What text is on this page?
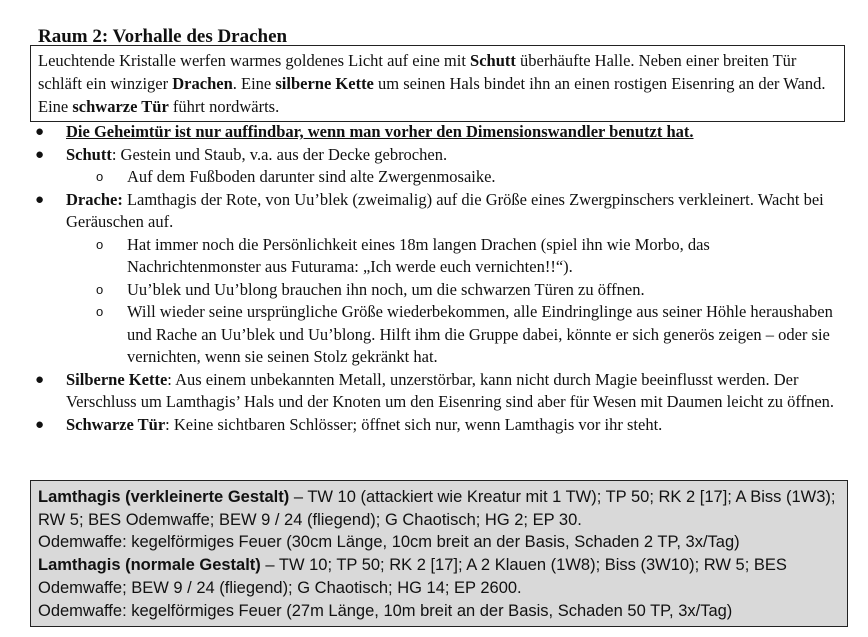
Raum 2: Vorhalle des Drachen

Leuchtende Kristalle werfen warmes goldenes Licht auf eine mit Schutt überhäufte Halle. Neben einer breiten Tür schläft ein winziger Drachen. Eine silberne Kette um seinen Hals bindet ihn an einen rostigen Eisenring an der Wand. Eine schwarze Tür führt nordwärts.

● Die Geheimtür ist nur auffindbar, wenn man vorher den Dimensionswandler benutzt hat.
● Schutt: Gestein und Staub, v.a. aus der Decke gebrochen.
o Auf dem Fußboden darunter sind alte Zwergenmosaike.
● Drache: Lamthagis der Rote, von Uu’blek (zweimalig) auf die Größe eines Zwergpinschers verkleinert. Wacht bei Geräuschen auf.
o Hat immer noch die Persönlichkeit eines 18m langen Drachen (spiel ihn wie Morbo, das Nachrichtenmonster aus Futurama: „Ich werde euch vernichten!!“).
o Uu’blek und Uu’blong brauchen ihn noch, um die schwarzen Türen zu öffnen.
o Will wieder seine ursprüngliche Größe wiederbekommen, alle Eindringlinge aus seiner Höhle heraushaben und Rache an Uu’blek und Uu’blong. Hilft ihm die Gruppe dabei, könnte er sich generös zeigen – oder sie vernichten, wenn sie seinen Stolz gekränkt hat.
● Silberne Kette: Aus einem unbekannten Metall, unzerstörbar, kann nicht durch Magie beeinflusst werden. Der Verschluss um Lamthagis’ Hals und der Knoten um den Eisenring sind aber für Wesen mit Daumen leicht zu öffnen.
● Schwarze Tür: Keine sichtbaren Schlösser; öffnet sich nur, wenn Lamthagis vor ihr steht.

Lamthagis (verkleinerte Gestalt) – TW 10 (attackiert wie Kreatur mit 1 TW); TP 50; RK 2 [17]; A Biss (1W3); RW 5; BES Odemwaffe; BEW 9 / 24 (fliegend); G Chaotisch; HG 2; EP 30.

Odemwaffe: kegelförmiges Feuer (30cm Länge, 10cm breit an der Basis, Schaden 2 TP, 3x/Tag)

Lamthagis (normale Gestalt) – TW 10; TP 50; RK 2 [17]; A 2 Klauen (1W8); Biss (3W10); RW 5; BES Odemwaffe; BEW 9 / 24 (fliegend); G Chaotisch; HG 14; EP 2600.

Odemwaffe: kegelförmiges Feuer (27m Länge, 10m breit an der Basis, Schaden 50 TP, 3x/Tag)
